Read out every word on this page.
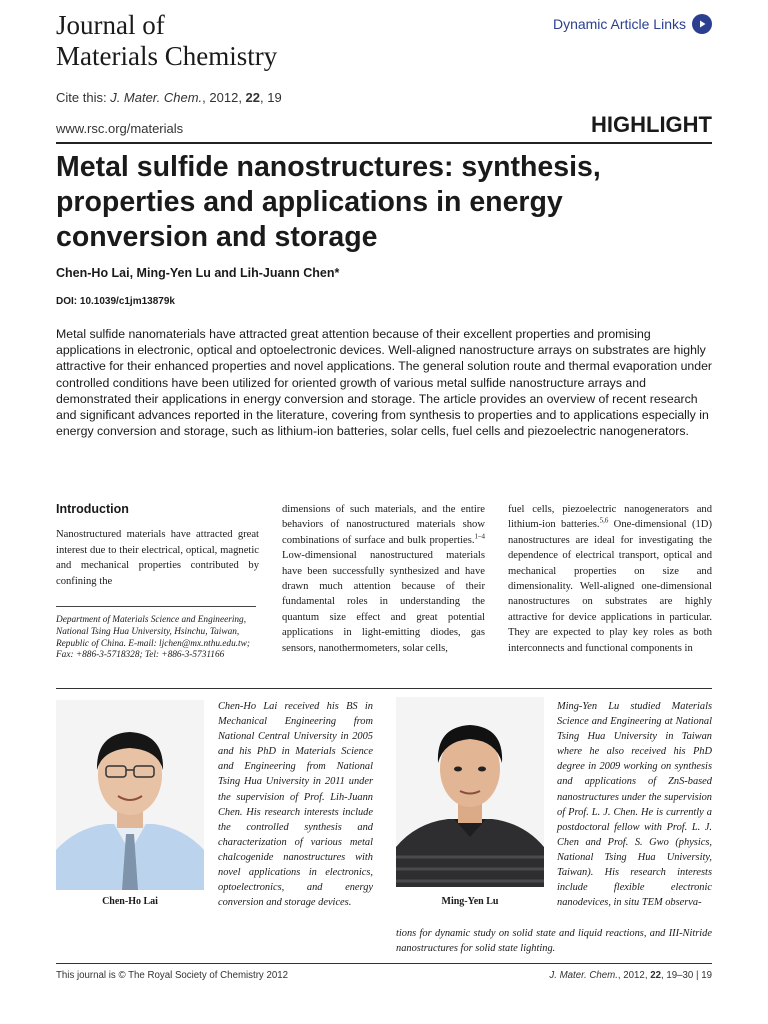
Journal of
Materials Chemistry
Dynamic Article Links
Cite this: J. Mater. Chem., 2012, 22, 19
www.rsc.org/materials	HIGHLIGHT
Metal sulfide nanostructures: synthesis, properties and applications in energy conversion and storage
Chen-Ho Lai, Ming-Yen Lu and Lih-Juann Chen*
DOI: 10.1039/c1jm13879k
Metal sulfide nanomaterials have attracted great attention because of their excellent properties and promising applications in electronic, optical and optoelectronic devices. Well-aligned nanostructure arrays on substrates are highly attractive for their enhanced properties and novel applications. The general solution route and thermal evaporation under controlled conditions have been utilized for oriented growth of various metal sulfide nanostructure arrays and demonstrated their applications in energy conversion and storage. The article provides an overview of recent research and significant advances reported in the literature, covering from synthesis to properties and to applications especially in energy conversion and storage, such as lithium-ion batteries, solar cells, fuel cells and piezoelectric nanogenerators.
Introduction
Nanostructured materials have attracted great interest due to their electrical, optical, magnetic and mechanical properties contributed by confining the
dimensions of such materials, and the entire behaviors of nanostructured materials show combinations of surface and bulk properties.$^{1-4}$ Low-dimensional nanostructured materials have been successfully synthesized and have drawn much attention because of their fundamental roles in understanding the quantum size effect and great potential applications in light-emitting diodes, gas sensors, nanothermometers, solar cells,
fuel cells, piezoelectric nanogenerators and lithium-ion batteries.$^{5,6}$ One-dimensional (1D) nanostructures are ideal for investigating the dependence of electrical transport, optical and mechanical properties on size and dimensionality. Well-aligned one-dimensional nanostructures on substrates are highly attractive for device applications in particular. They are expected to play key roles as both interconnects and functional components in
Department of Materials Science and Engineering, National Tsing Hua University, Hsinchu, Taiwan, Republic of China. E-mail: ljchen@mx.nthu.edu.tw; Fax: +886-3-5718328; Tel: +886-3-5731166
Chen-Ho Lai
Chen-Ho Lai received his BS in Mechanical Engineering from National Central University in 2005 and his PhD in Materials Science and Engineering from National Tsing Hua University in 2011 under the supervision of Prof. Lih-Juann Chen. His research interests include the controlled synthesis and characterization of various metal chalcogenide nanostructures with novel applications in electronics, optoelectronics, and energy conversion and storage devices.	Ming-Yen Lu
Ming-Yen Lu studied Materials Science and Engineering at National Tsing Hua University in Taiwan where he also received his PhD degree in 2009 working on synthesis and applications of ZnS-based nanostructures under the supervision of Prof. L. J. Chen. He is currently a postdoctoral fellow with Prof. L. J. Chen and Prof. S. Gwo (physics, National Tsing Hua University, Taiwan). His research interests include flexible electronic nanodevices, in situ TEM observa-
tions for dynamic study on solid state and liquid reactions, and III-Nitride nanostructures for solid state lighting.
This journal is © The Royal Society of Chemistry 2012	J. Mater. Chem., 2012, 22, 19–30 | 19
